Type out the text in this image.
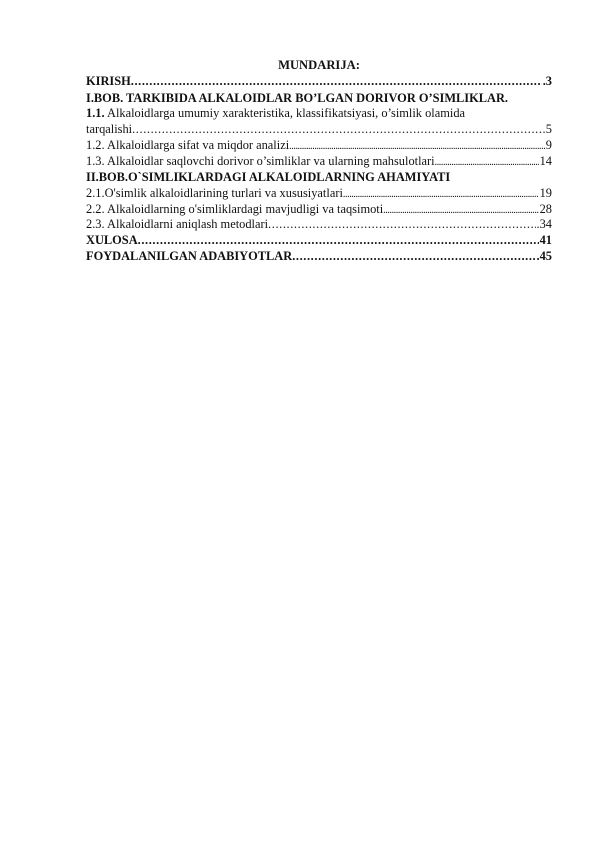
MUNDARIJA:

KIRISH .....	.3
I.BOB. TARKIBIDA ALKALOIDLAR BO’LGAN DORIVOR O’SIMLIKLAR.
1.1. Alkaloidlarga umumiy xarakteristika, klassifikatsiyasi, o’simlik olamida
tarqalishi .....	5
1.2. Alkaloidlarga sifat va miqdor analizi .....	9
1.3. Alkaloidlar saqlovchi dorivor o’simliklar va ularning mahsulotlari .....	14
II.BOB.O`SIMLIKLARDAGI ALKALOIDLARNING AHAMIYATI
2.1.O'simlik alkaloidlarining turlari va xususiyatlari .....	19
2.2. Alkaloidlarning o'simliklardagi mavjudligi va taqsimoti .....	28
2.3. Alkaloidlarni aniqlash metodlari .....	.34
XULOSA .....	41
FOYDALANILGAN ADABIYOTLAR .....	.45
